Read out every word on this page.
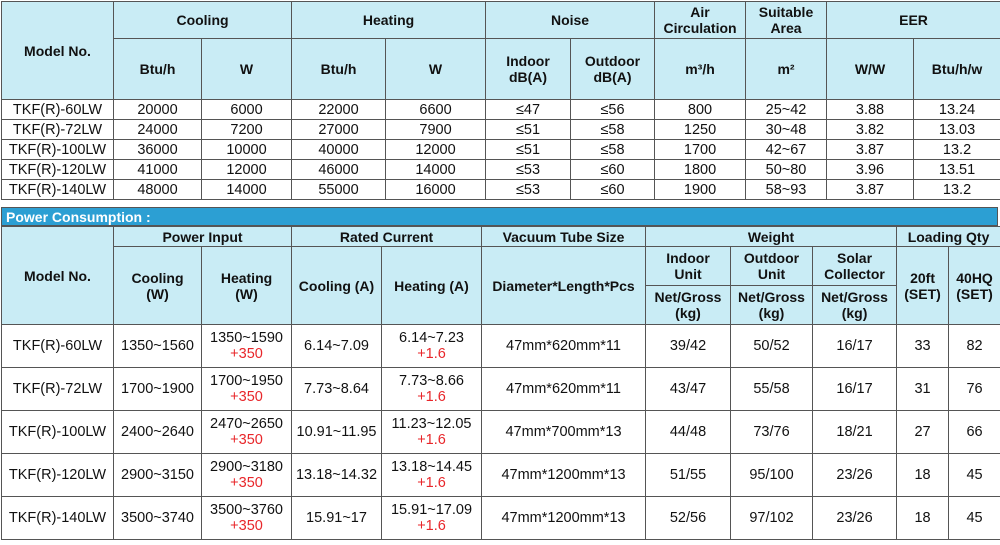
Model No.	Cooling		Heating		Noise		Air
Circulation	Suitable
Area	EER	
	Btu/h	W	Btu/h	W	Indoor
dB(A)	Outdoor
dB(A)	m³/h	m²	W/W	Btu/h/w
TKF(R)-60LW	20000	6000	22000	6600	≤47	≤56	800	25~42	3.88	13.24
TKF(R)-72LW	24000	7200	27000	7900	≤51	≤58	1250	30~48	3.82	13.03
TKF(R)-100LW	36000	10000	40000	12000	≤51	≤58	1700	42~67	3.87	13.2
TKF(R)-120LW	41000	12000	46000	14000	≤53	≤60	1800	50~80	3.96	13.51
TKF(R)-140LW	48000	14000	55000	16000	≤53	≤60	1900	58~93	3.87	13.2
Power Consumption :
Model No.	Power Input		Rated Current		Vacuum Tube Size	Weight			Loading Qty	

	Cooling
(W)	Heating
(W)	Cooling (A)	Heating (A)	Diameter*Length*Pcs	Indoor
Unit	Outdoor
Unit	Solar
Collector	20ft
(SET)	40HQ
(SET)

						Net/Gross
(kg)	Net/Gross
(kg)	Net/Gross
(kg)		

TKF(R)-60LW	1350~1560	1350~1590
+350	6.14~7.09	6.14~7.23
+1.6	47mm*620mm*11	39/42	50/52	16/17	33	82
TKF(R)-72LW	1700~1900	1700~1950
+350	7.73~8.64	7.73~8.66
+1.6	47mm*620mm*11	43/47	55/58	16/17	31	76
TKF(R)-100LW	2400~2640	2470~2650
+350	10.91~11.95	11.23~12.05
+1.6	47mm*700mm*13	44/48	73/76	18/21	27	66
TKF(R)-120LW	2900~3150	2900~3180
+350	13.18~14.32	13.18~14.45
+1.6	47mm*1200mm*13	51/55	95/100	23/26	18	45
TKF(R)-140LW	3500~3740	3500~3760
+350	15.91~17	15.91~17.09
+1.6	47mm*1200mm*13	52/56	97/102	23/26	18	45
